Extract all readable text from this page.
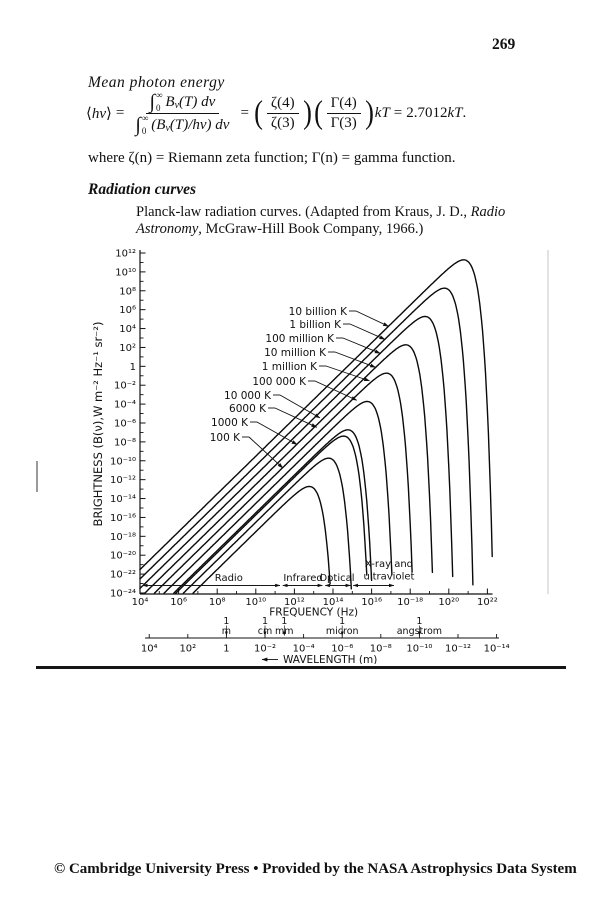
269
Mean photon energy
⟨hν⟩ = ∫ ∞
0 B ν (T) dν
∫ ∞
0 (B ν (T)/hν) dν = ( $\frac{\zeta(4)}{\zeta(3)}$ ) ( $\frac{\Gamma(4)}{\Gamma(3)}$ ) kT = 2.7012kT.
where ζ(n) = Riemann zeta function; Γ(n) = gamma function.
Radiation curves
Planck-law radiation curves. (Adapted from Kraus, J. D., Radio
Astronomy, McGraw-Hill Book Company, 1966.)
10¹²
10¹⁰
10⁸
10⁶
10⁴
10²
1
10⁻²
10⁻⁴
10⁻⁶
10⁻⁸
10⁻¹⁰
10⁻¹²
10⁻¹⁴
10⁻¹⁶
10⁻¹⁸
10⁻²⁰
10⁻²²
10⁻²⁴
10⁴ 10⁶ 10⁸ 10¹⁰ 10¹² 10¹⁴ 10¹⁶ 10⁻¹⁸ 10²⁰ 10²²
FREQUENCY (Hz)
BRIGHTNESS (B(ν),W m⁻² Hz⁻¹ sr⁻²)
10 billion K
1 billion K
100 million K
10 million K
1 million K
100 000 K
10 000 K
6000 K
1000 K
100 K
Radio	Infrared
Optical
X-ray and
ultraviolet
10⁴ 10²	1 10⁻² 10⁻⁴ 10⁻⁶ 10⁻⁸ 10⁻¹⁰ 10⁻¹² 10⁻¹⁴
1
m
1
cm
1
mm
1
micron
1
angstrom
WAVELENGTH (m)
© Cambridge University Press • Provided by the NASA Astrophysics Data System
